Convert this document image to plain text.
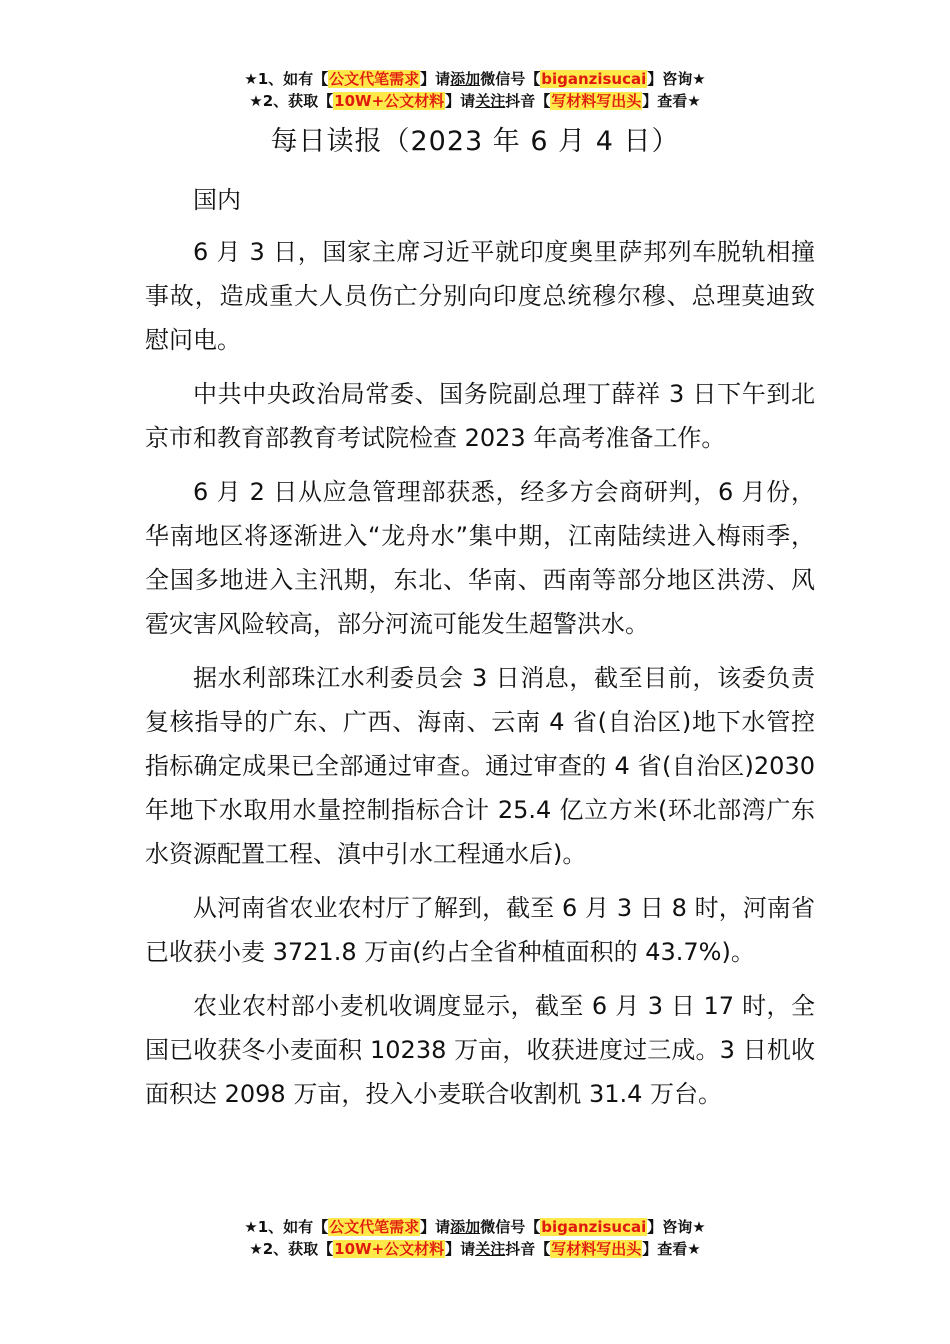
★1、如有【公文代笔需求】请添加微信号【biganzisucai】咨询★
★2、获取【10W+公文材料】请关注抖音【写材料写出头】查看★
每日读报（2023 年 6 月 4 日）
国内

6 月 3 日，国家主席习近平就印度奥里萨邦列车脱轨相撞事故，造成重大人员伤亡分别向印度总统穆尔穆、总理莫迪致慰问电。

中共中央政治局常委、国务院副总理丁薛祥 3 日下午到北京市和教育部教育考试院检查 2023 年高考准备工作。

6 月 2 日从应急管理部获悉，经多方会商研判，6 月份，华南地区将逐渐进入“龙舟水”集中期，江南陆续进入梅雨季，全国多地进入主汛期，东北、华南、西南等部分地区洪涝、风雹灾害风险较高，部分河流可能发生超警洪水。

据水利部珠江水利委员会 3 日消息，截至目前，该委负责复核指导的广东、广西、海南、云南 4 省(自治区)地下水管控指标确定成果已全部通过审查。通过审查的 4 省(自治区)2030 年地下水取用水量控制指标合计 25.4 亿立方米(环北部湾广东水资源配置工程、滇中引水工程通水后)。

从河南省农业农村厅了解到，截至 6 月 3 日 8 时，河南省已收获小麦 3721.8 万亩(约占全省种植面积的 43.7%)。

农业农村部小麦机收调度显示，截至 6 月 3 日 17 时，全国已收获冬小麦面积 10238 万亩，收获进度过三成。3 日机收面积达 2098 万亩，投入小麦联合收割机 31.4 万台。

★1、如有【公文代笔需求】请添加微信号【biganzisucai】咨询★
★2、获取【10W+公文材料】请关注抖音【写材料写出头】查看★
